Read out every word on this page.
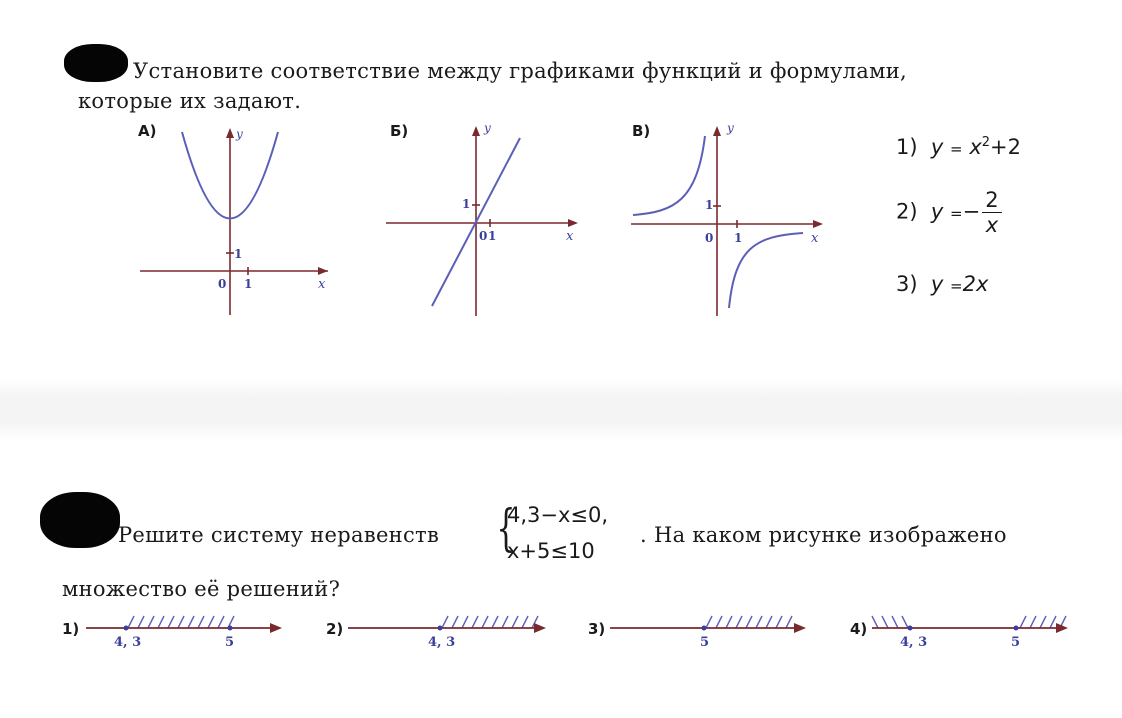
Установите соответствие между графиками функций и формулами,
которые их задают.
А)	y
x
1
0 1
Б)	y
x
1
0 1
В)	y
x
1
0 1
1) $y = x^2+2$
2) $y =- \frac{2}{x}$
3) y =2x
Решите систему неравенств {
4,3−x≤0,
x+5≤10
. На каком рисунке изображено
множество её решений?
1)
4, 3	5
2)
4, 3
3)
5
4)
4, 3	5
